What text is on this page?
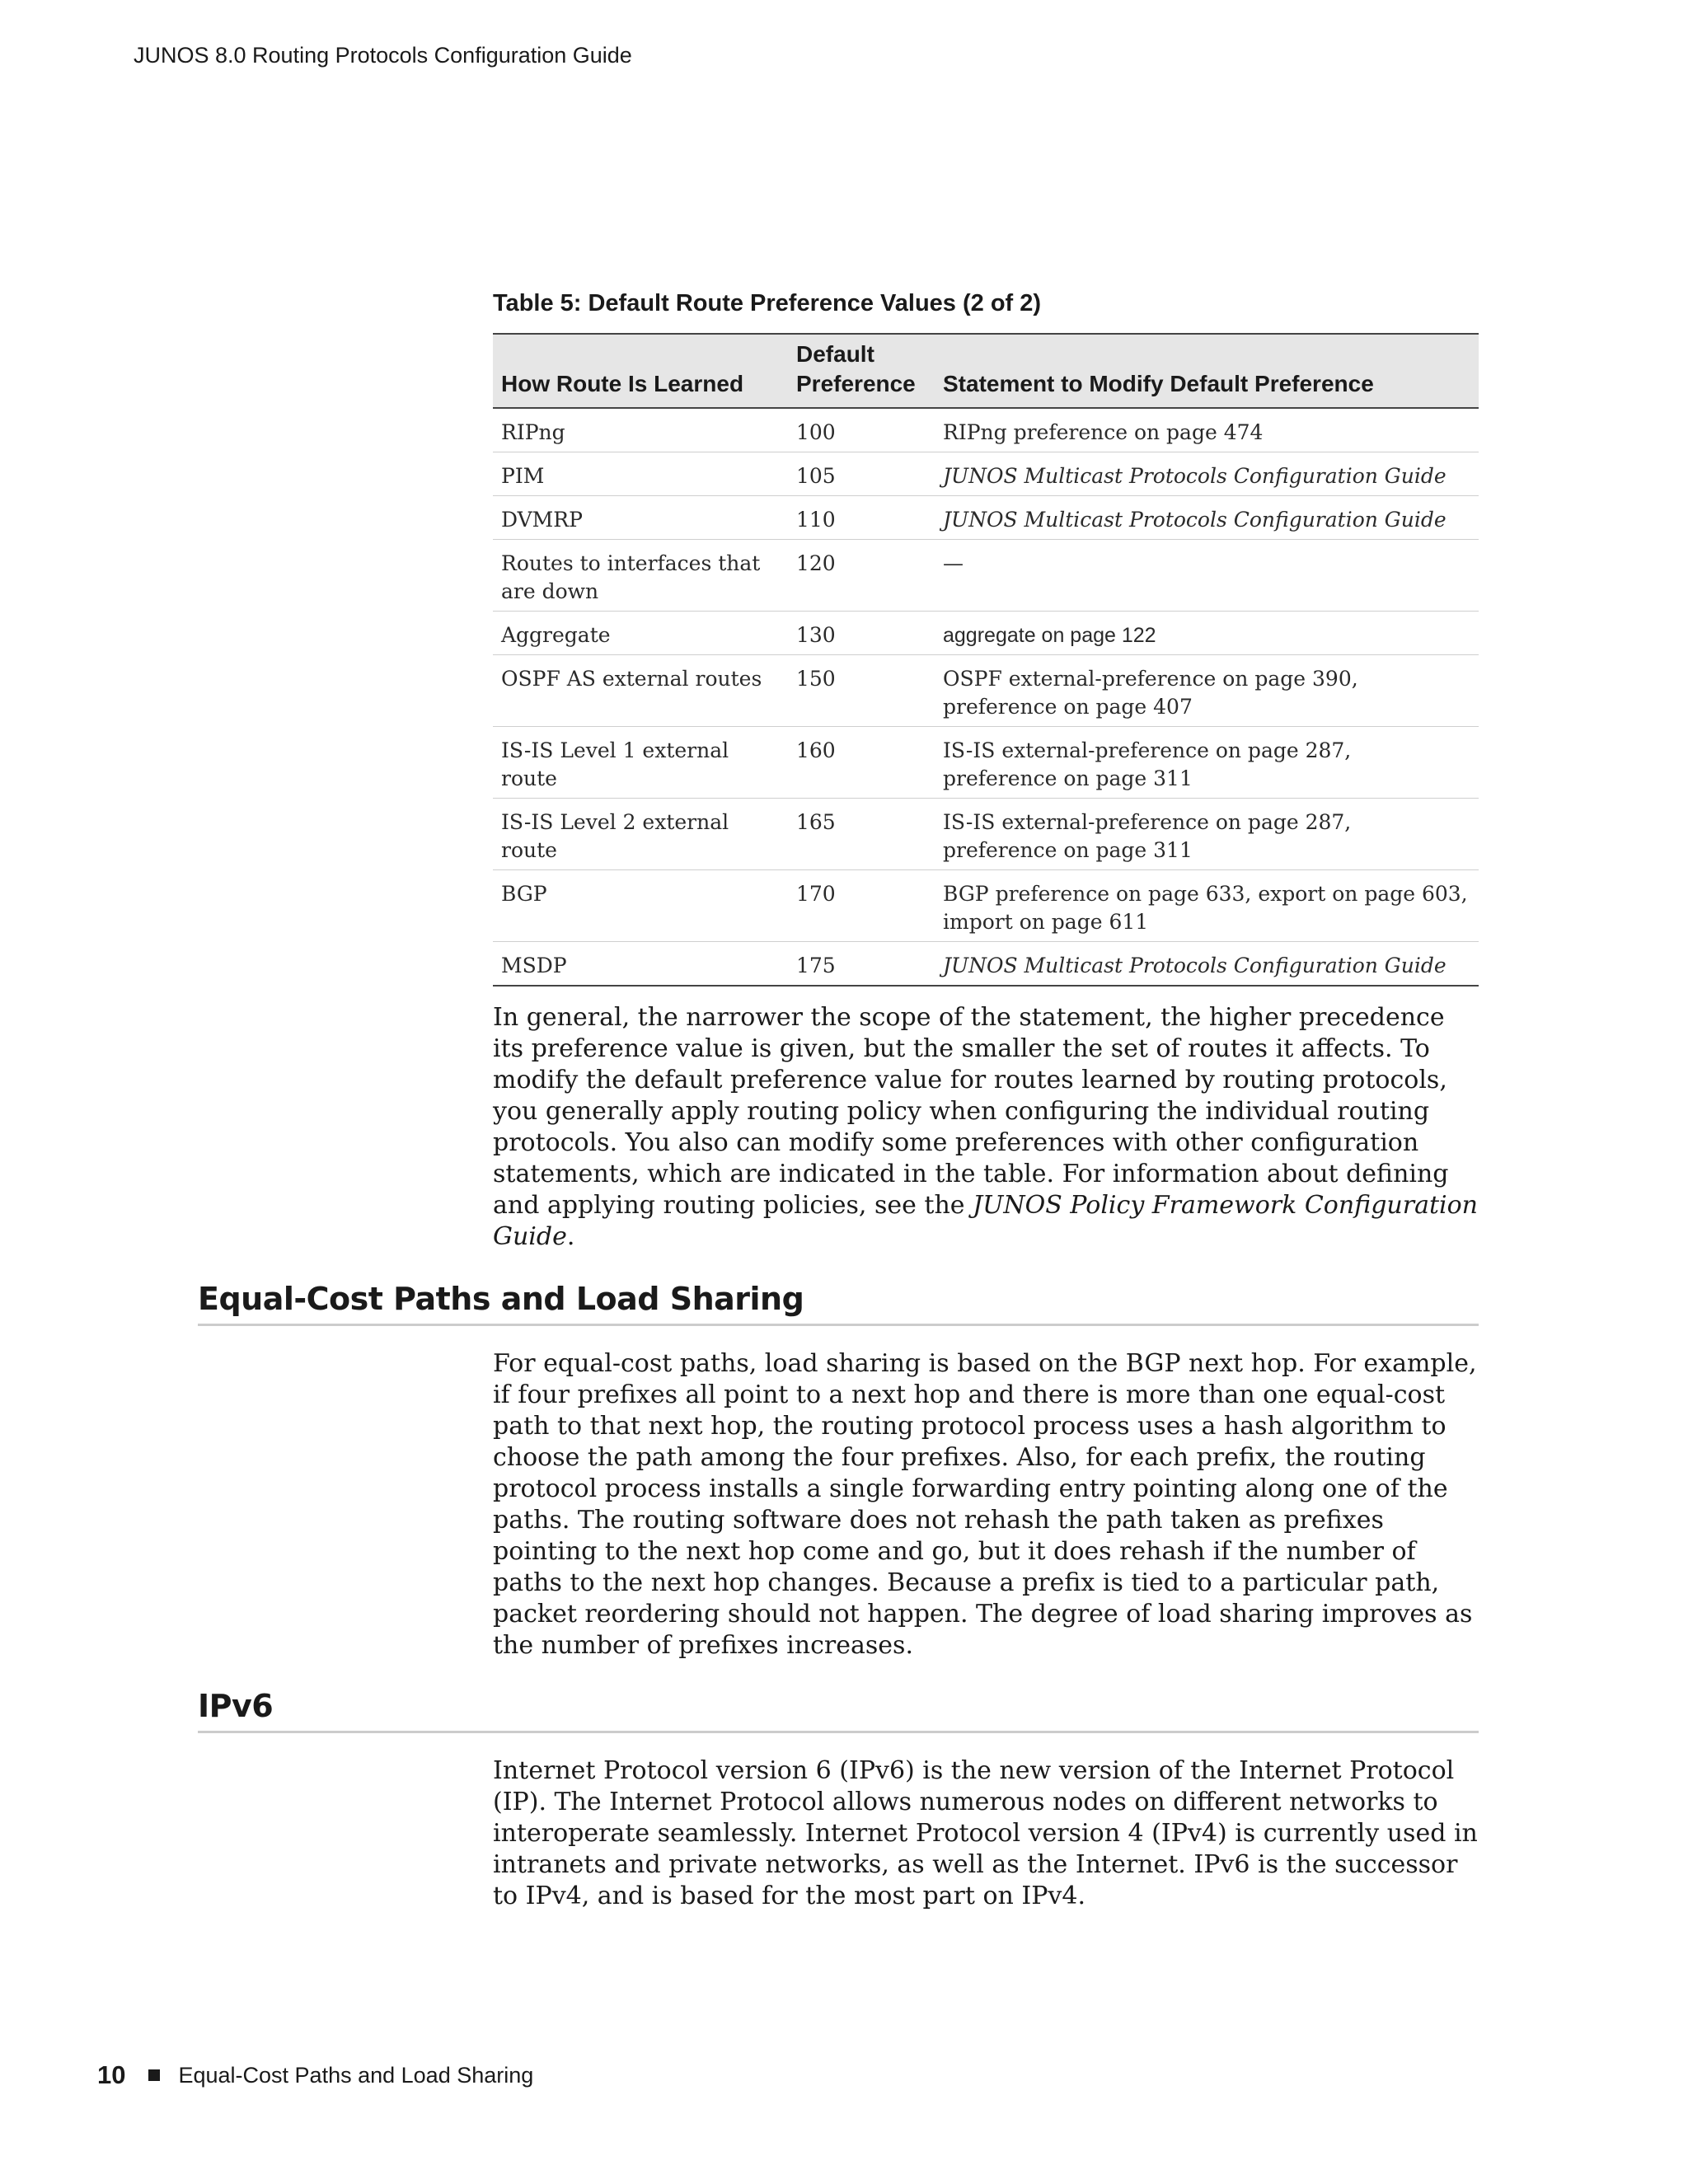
JUNOS 8.0 Routing Protocols Configuration Guide
Table 5: Default Route Preference Values (2 of 2)
How Route Is Learned	Default Preference	Statement to Modify Default Preference
RIPng	100	RIPng preference on page 474
PIM	105	JUNOS Multicast Protocols Configuration Guide
DVMRP	110	JUNOS Multicast Protocols Configuration Guide
Routes to interfaces that are down	120	—
Aggregate	130	aggregate on page 122
OSPF AS external routes	150	OSPF external-preference on page 390, preference on page 407
IS-IS Level 1 external route	160	IS-IS external-preference on page 287, preference on page 311
IS-IS Level 2 external route	165	IS-IS external-preference on page 287, preference on page 311
BGP	170	BGP preference on page 633, export on page 603, import on page 611
MSDP	175	JUNOS Multicast Protocols Configuration Guide
In general, the narrower the scope of the statement, the higher precedence its preference value is given, but the smaller the set of routes it affects. To modify the default preference value for routes learned by routing protocols, you generally apply routing policy when configuring the individual routing protocols. You also can modify some preferences with other configuration statements, which are indicated in the table. For information about defining and applying routing policies, see the JUNOS Policy Framework Configuration Guide.
Equal-Cost Paths and Load Sharing
For equal-cost paths, load sharing is based on the BGP next hop. For example, if four prefixes all point to a next hop and there is more than one equal-cost path to that next hop, the routing protocol process uses a hash algorithm to choose the path among the four prefixes. Also, for each prefix, the routing protocol process installs a single forwarding entry pointing along one of the paths. The routing software does not rehash the path taken as prefixes pointing to the next hop come and go, but it does rehash if the number of paths to the next hop changes. Because a prefix is tied to a particular path, packet reordering should not happen. The degree of load sharing improves as the number of prefixes increases.
IPv6
Internet Protocol version 6 (IPv6) is the new version of the Internet Protocol (IP). The Internet Protocol allows numerous nodes on different networks to interoperate seamlessly. Internet Protocol version 4 (IPv4) is currently used in intranets and private networks, as well as the Internet. IPv6 is the successor to IPv4, and is based for the most part on IPv4.
10 Equal-Cost Paths and Load Sharing
